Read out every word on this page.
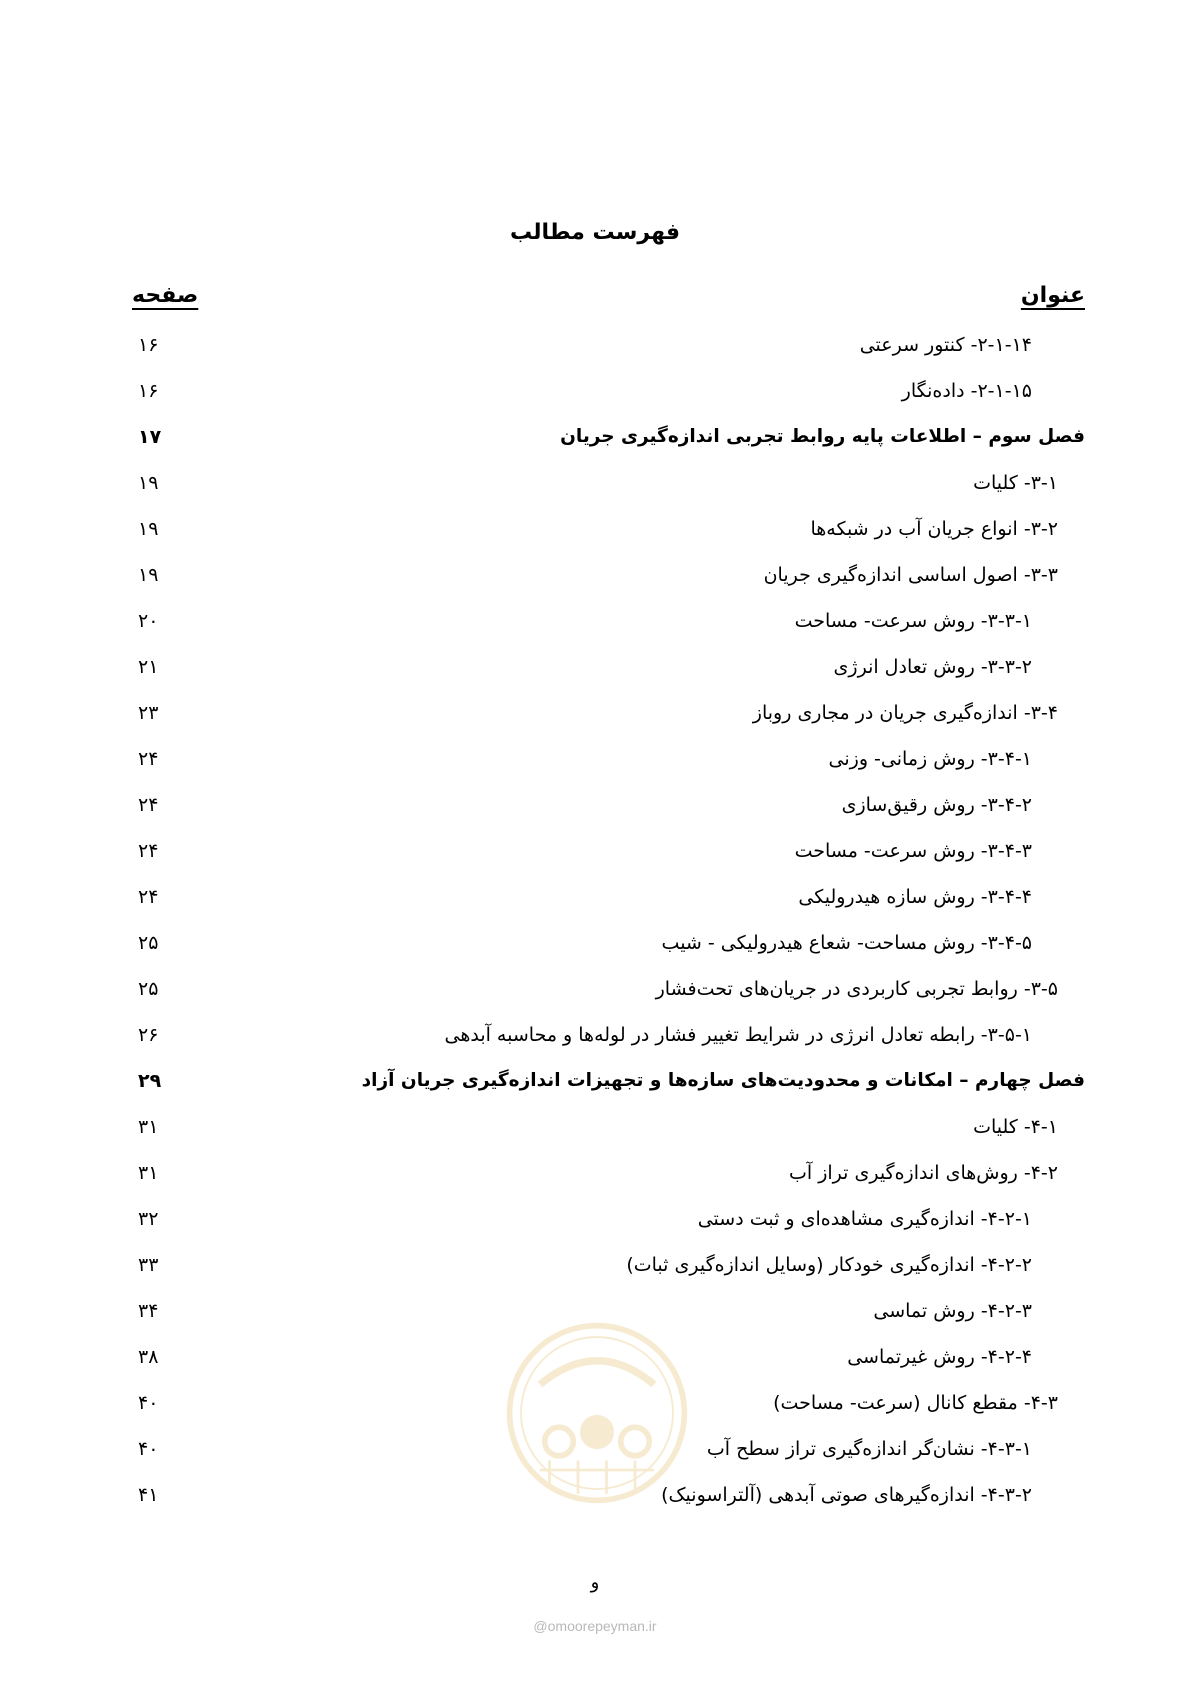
فهرست مطالب
عنوان
صفحه
۲-۱-۱۴- کنتور سرعتی
۱۶
۲-۱-۱۵- داده‌نگار
۱۶
فصل سوم – اطلاعات پایه روابط تجربی اندازه‌گیری جریان
۱۷
۳-۱- کلیات
۱۹
۳-۲- انواع جریان آب در شبکه‌ها
۱۹
۳-۳- اصول اساسی اندازه‌گیری جریان
۱۹
۳-۳-۱- روش سرعت- مساحت
۲۰
۳-۳-۲- روش تعادل انرژی
۲۱
۳-۴- اندازه‌گیری جریان در مجاری روباز
۲۳
۳-۴-۱- روش زمانی- وزنی
۲۴
۳-۴-۲- روش رقیق‌سازی
۲۴
۳-۴-۳- روش سرعت- مساحت
۲۴
۳-۴-۴- روش سازه هیدرولیکی
۲۴
۳-۴-۵- روش مساحت- شعاع هیدرولیکی - شیب
۲۵
۳-۵- روابط تجربی کاربردی در جریان‌های تحت‌فشار
۲۵
۳-۵-۱- رابطه تعادل انرژی در شرایط تغییر فشار در لوله‌ها و محاسبه آبدهی
۲۶
فصل چهارم – امکانات و محدودیت‌های سازه‌ها و تجهیزات اندازه‌گیری جریان آزاد
۲۹
۴-۱- کلیات
۳۱
۴-۲- روش‌های اندازه‌گیری تراز آب
۳۱
۴-۲-۱- اندازه‌گیری مشاهده‌ای و ثبت دستی
۳۲
۴-۲-۲- اندازه‌گیری خودکار (وسایل اندازه‌گیری ثبات)
۳۳
۴-۲-۳- روش تماسی
۳۴
۴-۲-۴- روش غیرتماسی
۳۸
۴-۳- مقطع کانال (سرعت- مساحت)
۴۰
۴-۳-۱- نشان‌گر اندازه‌گیری تراز سطح آب
۴۰
۴-۳-۲- اندازه‌گیرهای صوتی آبدهی (آلتراسونیک)
۴۱
و
@omoorepeyman.ir
